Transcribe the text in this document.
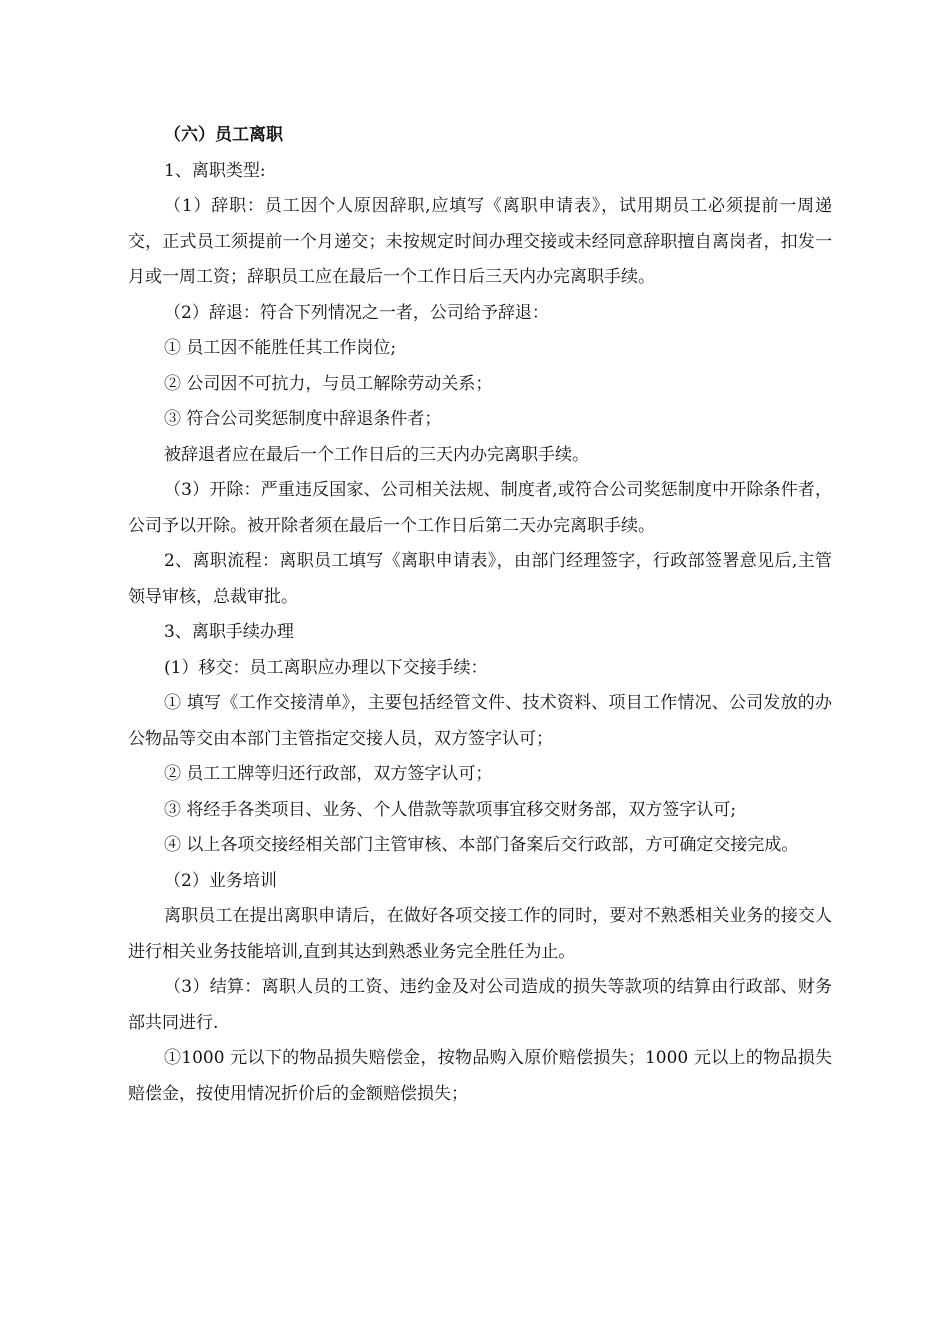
（六）员工离职

1、离职类型:

（1）辞职：员工因个人原因辞职,应填写《离职申请表》，试用期员工必须提前一周递交，正式员工须提前一个月递交；未按规定时间办理交接或未经同意辞职擅自离岗者，扣发一月或一周工资；辞职员工应在最后一个工作日后三天内办完离职手续。

（2）辞退：符合下列情况之一者，公司给予辞退：

① 员工因不能胜任其工作岗位;

② 公司因不可抗力，与员工解除劳动关系；

③ 符合公司奖惩制度中辞退条件者；

被辞退者应在最后一个工作日后的三天内办完离职手续。

（3）开除：严重违反国家、公司相关法规、制度者,或符合公司奖惩制度中开除条件者，公司予以开除。被开除者须在最后一个工作日后第二天办完离职手续。

2、离职流程：离职员工填写《离职申请表》，由部门经理签字，行政部签署意见后,主管领导审核，总裁审批。

3、离职手续办理

(1）移交：员工离职应办理以下交接手续：

① 填写《工作交接清单》，主要包括经管文件、技术资料、项目工作情况、公司发放的办公物品等交由本部门主管指定交接人员，双方签字认可；

② 员工工牌等归还行政部，双方签字认可；

③ 将经手各类项目、业务、个人借款等款项事宜移交财务部，双方签字认可;

④ 以上各项交接经相关部门主管审核、本部门备案后交行政部，方可确定交接完成。

（2）业务培训

离职员工在提出离职申请后，在做好各项交接工作的同时，要对不熟悉相关业务的接交人进行相关业务技能培训,直到其达到熟悉业务完全胜任为止。

（3）结算：离职人员的工资、违约金及对公司造成的损失等款项的结算由行政部、财务部共同进行.

①1000 元以下的物品损失赔偿金，按物品购入原价赔偿损失；1000 元以上的物品损失赔偿金，按使用情况折价后的金额赔偿损失；
